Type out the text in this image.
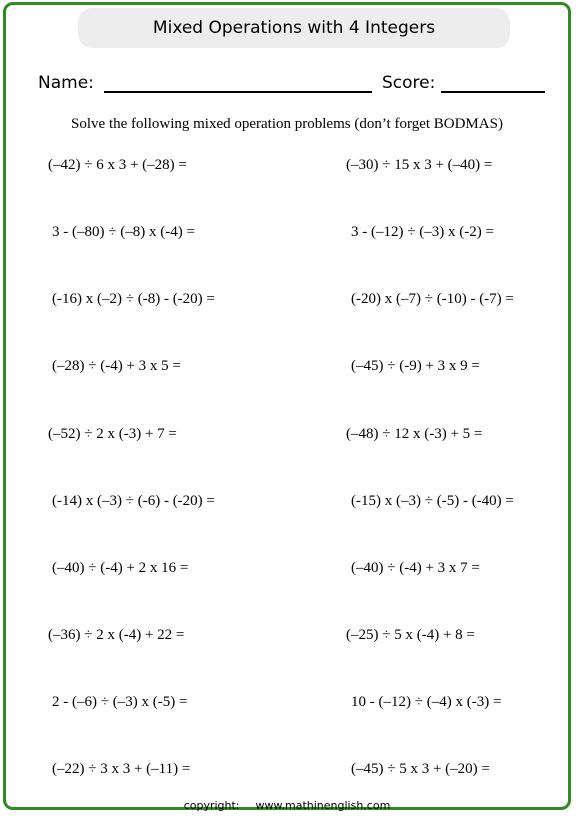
Mixed Operations with 4 Integers
Name:	Score:
Solve the following mixed operation problems (don’t forget BODMAS)
(–42) ÷ 6 x 3 + (–28) =
3 - (–80) ÷ (–8) x (-4) =
(-16) x (–2) ÷ (-8) - (-20) =
(–28) ÷ (-4) + 3 x 5 =
(–52) ÷ 2 x (-3) + 7 =
(-14) x (–3) ÷ (-6) - (-20) =
(–40) ÷ (-4) + 2 x 16 =
(–36) ÷ 2 x (-4) + 22 =
2 - (–6) ÷ (–3) x (-5) =
(–22) ÷ 3 x 3 + (–11) =
(–30) ÷ 15 x 3 + (–40) =
3 - (–12) ÷ (–3) x (-2) =
(-20) x (–7) ÷ (-10) - (-7) =
(–45) ÷ (-9) + 3 x 9 =
(–48) ÷ 12 x (-3) + 5 =
(-15) x (–3) ÷ (-5) - (-40) =
(–40) ÷ (-4) + 3 x 7 =
(–25) ÷ 5 x (-4) + 8 =
10 - (–12) ÷ (–4) x (-3) =
(–45) ÷ 5 x 3 + (–20) =
copyright: www.mathinenglish.com
